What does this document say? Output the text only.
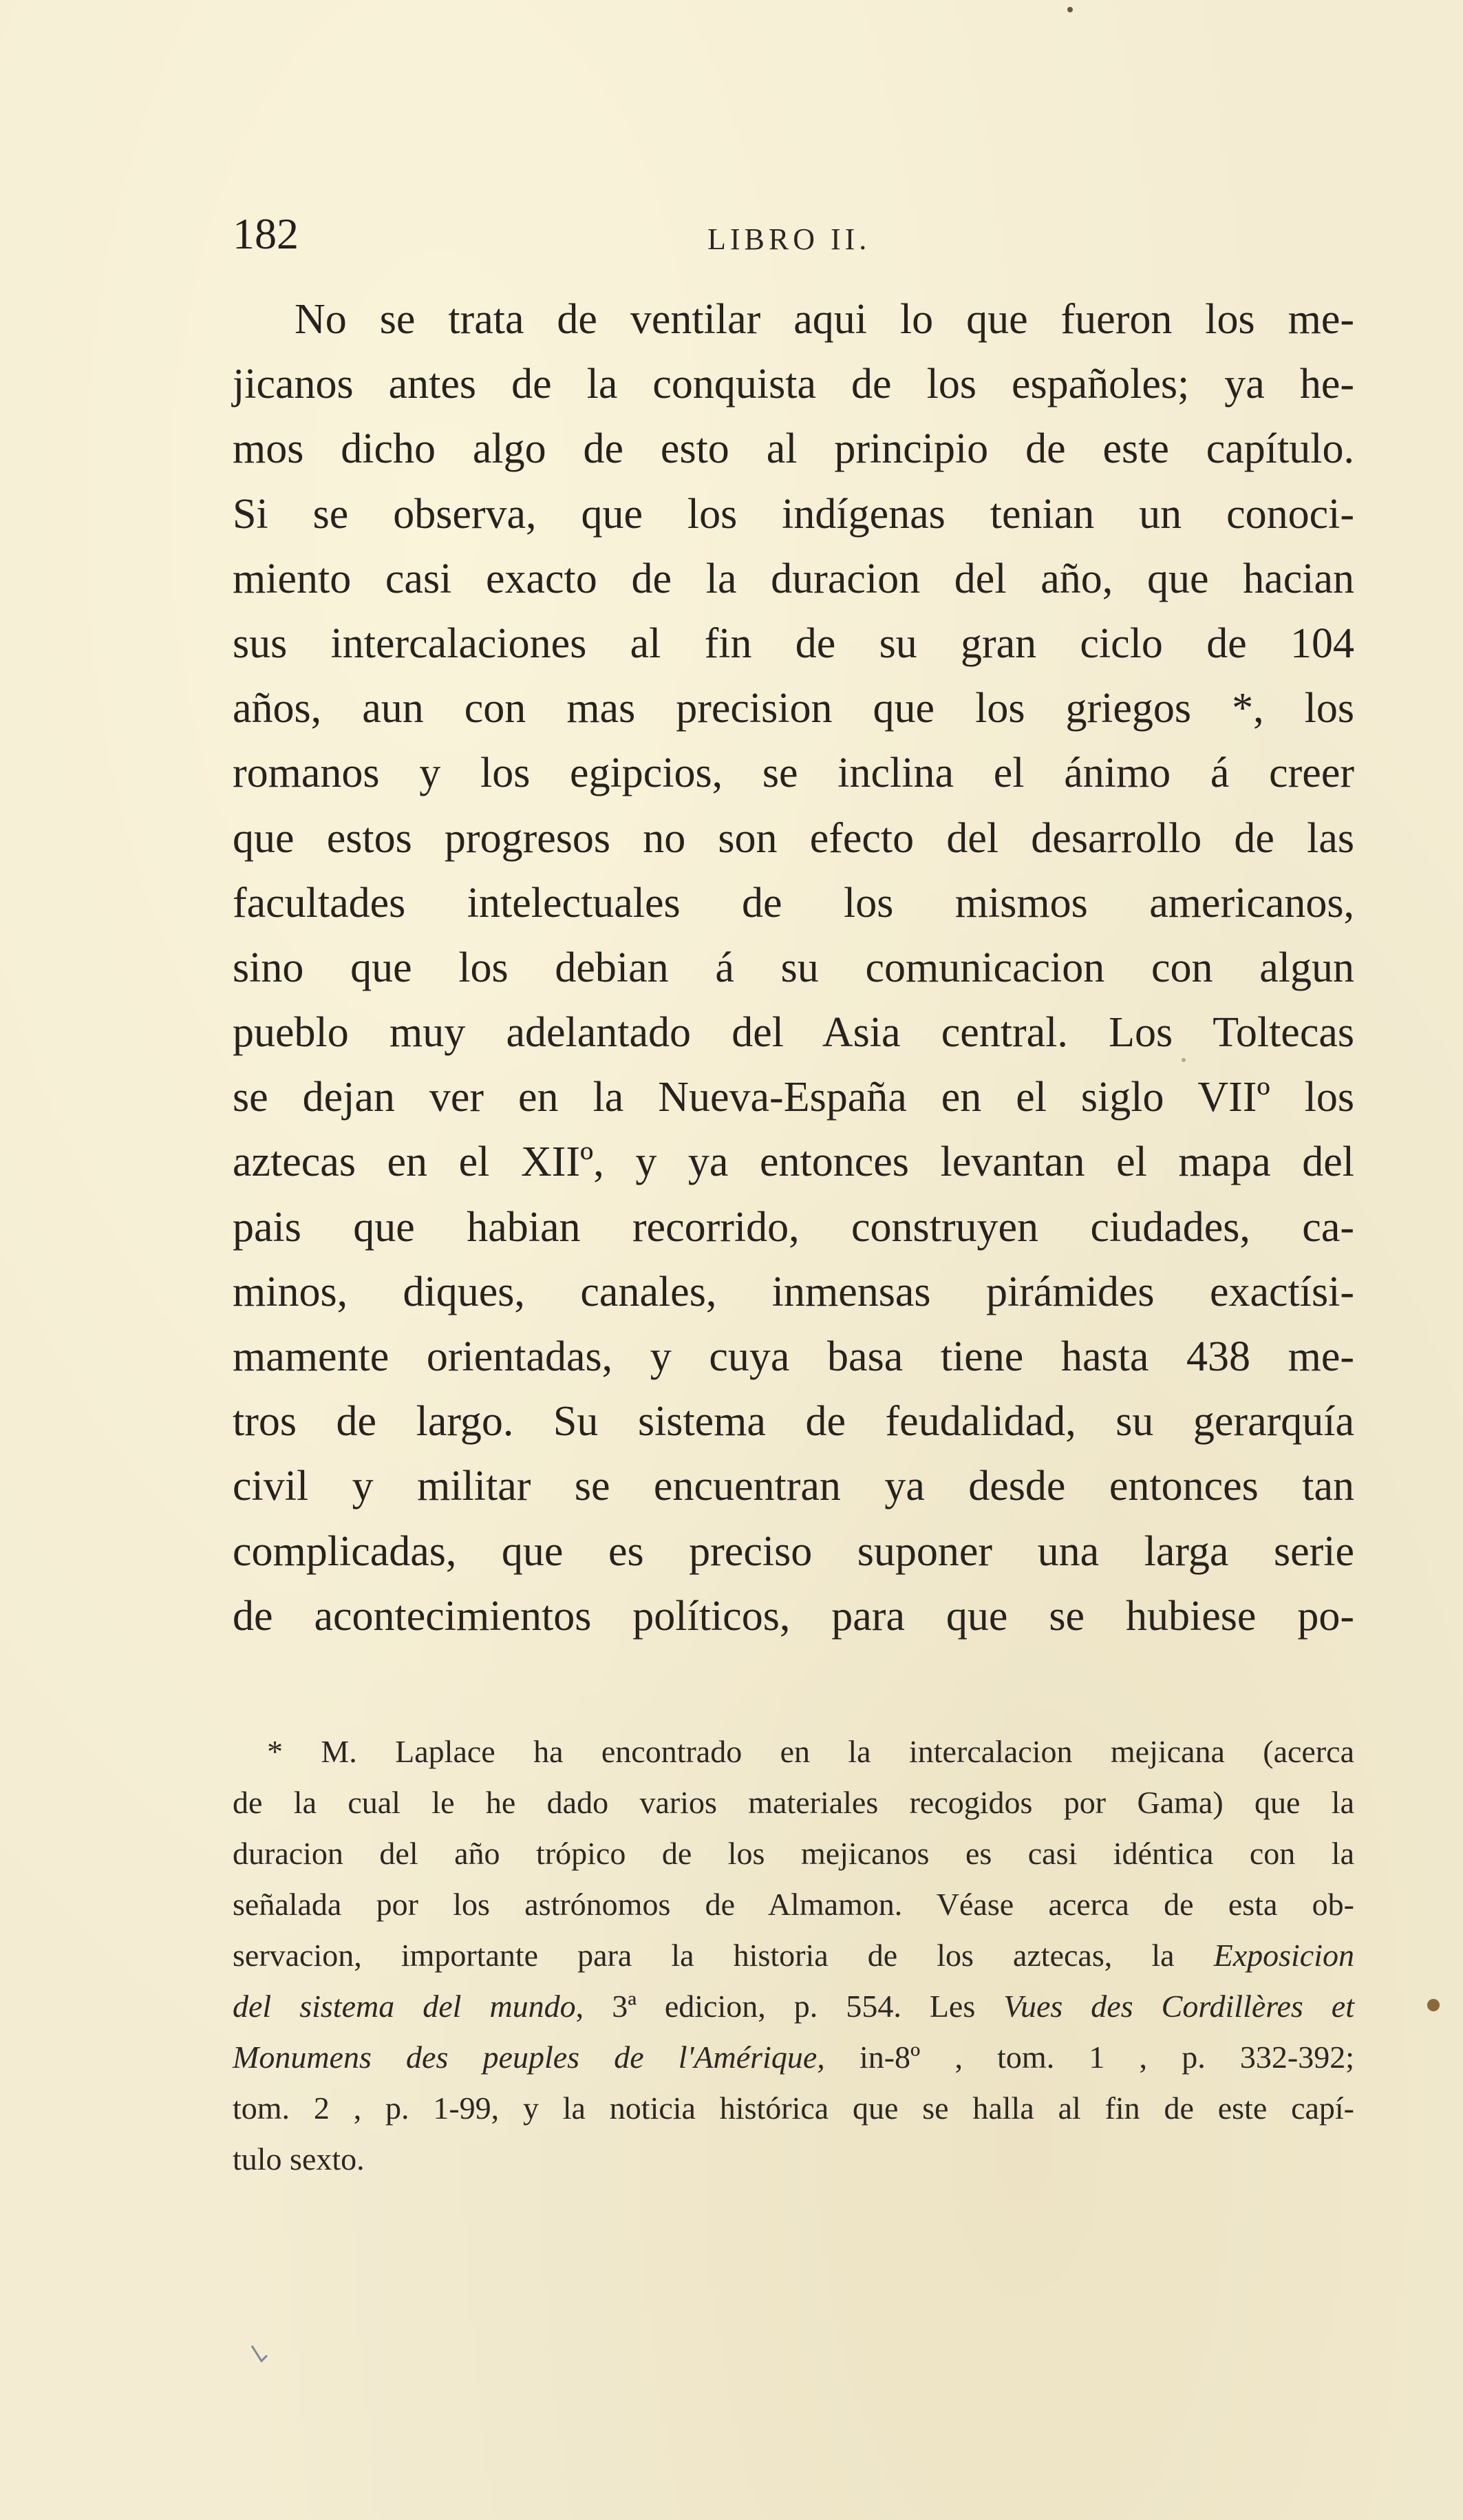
182	LIBRO II.
No se trata de ventilar aqui lo que fueron los me-
jicanos antes de la conquista de los españoles; ya he-
mos dicho algo de esto al principio de este capítulo.
Si se observa, que los indígenas tenian un conoci-
miento casi exacto de la duracion del año, que hacian
sus intercalaciones al fin de su gran ciclo de 104
años, aun con mas precision que los griegos *, los
romanos y los egipcios, se inclina el ánimo á creer
que estos progresos no son efecto del desarrollo de las
facultades intelectuales de los mismos americanos,
sino que los debian á su comunicacion con algun
pueblo muy adelantado del Asia central. Los Toltecas
se dejan ver en la Nueva-España en el siglo VIIº los
aztecas en el XIIº, y ya entonces levantan el mapa del
pais que habian recorrido, construyen ciudades, ca-
minos, diques, canales, inmensas pirámides exactísi-
mamente orientadas, y cuya basa tiene hasta 438 me-
tros de largo. Su sistema de feudalidad, su gerarquía
civil y militar se encuentran ya desde entonces tan
complicadas, que es preciso suponer una larga serie
de acontecimientos políticos, para que se hubiese po-
* M. Laplace ha encontrado en la intercalacion mejicana (acerca
de la cual le he dado varios materiales recogidos por Gama) que la
duracion del año trópico de los mejicanos es casi idéntica con la
señalada por los astrónomos de Almamon. Véase acerca de esta ob-
servacion, importante para la historia de los aztecas, la Exposicion
del sistema del mundo, 3ª edicion, p. 554. Les Vues des Cordillères et
Monumens des peuples de l'Amérique, in-8º , tom. 1 , p. 332-392;
tom. 2 , p. 1-99, y la noticia histórica que se halla al fin de este capí-
tulo sexto.
